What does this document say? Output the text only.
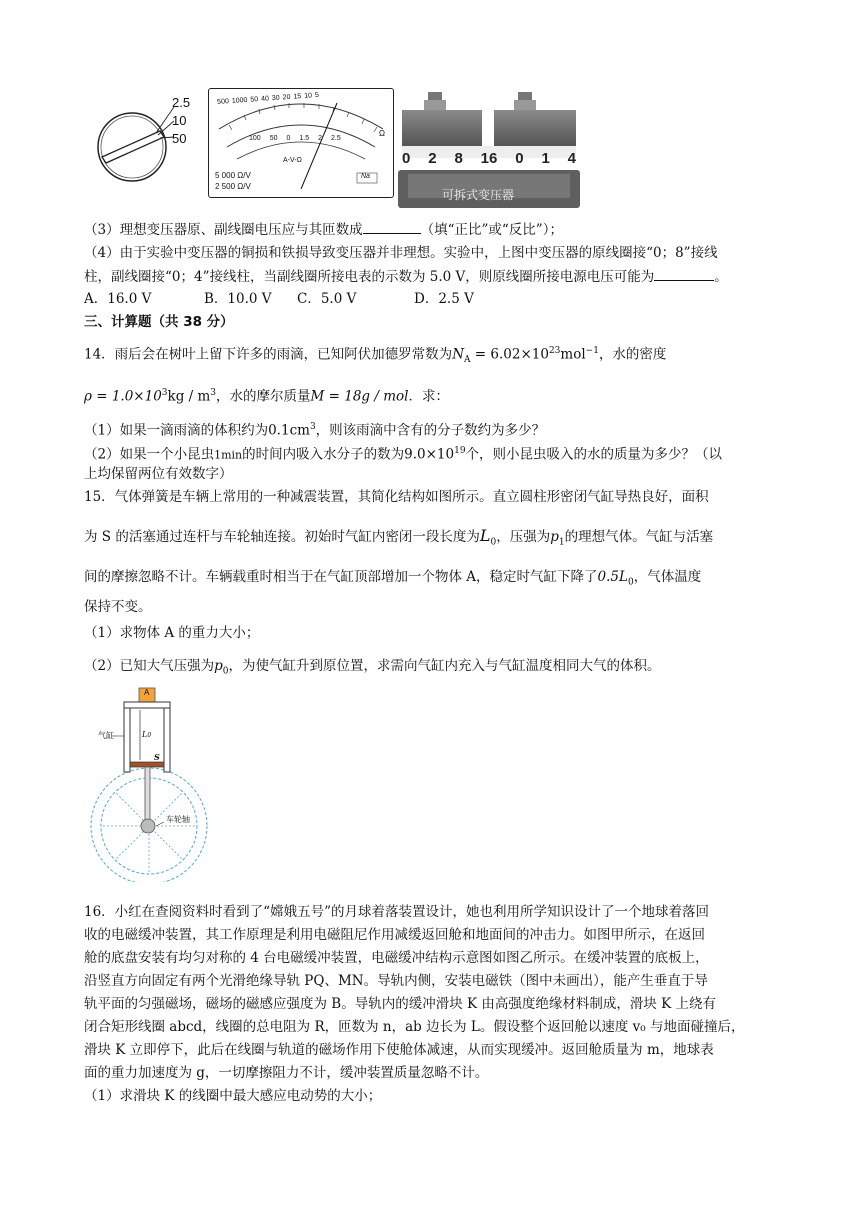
2.5
10
50
500 1000 50 40 30 20 15 10 5
Ω
100 50 0 1.5 2 2.5
A-V-Ω
5 000 Ω/V
2 500 Ω/V
Na
0 2 8 16 0 1 4
可拆式变压器
（3）理想变压器原、副线圈电压应与其匝数成	（填“正比”或“反比”）；
（4）由于实验中变压器的铜损和铁损导致变压器并非理想。实验中，上图中变压器的原线圈接“0；8”接线
柱，副线圈接“0；4”接线柱，当副线圈所接电表的示数为 5.0 V，则原线圈所接电源电压可能为	。
A．16.0 V	B．10.0 V C．5.0 V	D．2.5 V
三、计算题（共 38 分）
14．雨后会在树叶上留下许多的雨滴，已知阿伏加德罗常数为$N_A = 6.02\times 10^{23}mol^{-1}$，水的密度
$\rho = 1.0\times 10^3kg / m^3$，水的摩尔质量M = 18g / mol．求：
（1）如果一滴雨滴的体积约为$0.1cm^3$，则该雨滴中含有的分子数约为多少？
（2）如果一个小昆虫1min的时间内吸入水分子的数为$9.0\times 10^{19}$个，则小昆虫吸入的水的质量为多少？（以
上均保留两位有效数字）
15．气体弹簧是车辆上常用的一种减震装置，其简化结构如图所示。直立圆柱形密闭气缸导热良好，面积
为 S 的活塞通过连杆与车轮轴连接。初始时气缸内密闭一段长度为$L_0$，压强为$p_1$的理想气体。气缸与活塞
间的摩擦忽略不计。车辆载重时相当于在气缸顶部增加一个物体 A，稳定时气缸下降了$0.5L_0$，气体温度
保持不变。
（1）求物体 A 的重力大小；
（2）已知大气压强为$p_0$，为使气缸升到原位置，求需向气缸内充入与气缸温度相同大气的体积。
A
气缸	L0
S
车轮轴
16．小红在查阅资料时看到了“嫦娥五号”的月球着落装置设计，她也利用所学知识设计了一个地球着落回
收的电磁缓冲装置，其工作原理是利用电磁阻尼作用减缓返回舱和地面间的冲击力。如图甲所示，在返回
舱的底盘安装有均匀对称的 4 台电磁缓冲装置，电磁缓冲结构示意图如图乙所示。在缓冲装置的底板上，
沿竖直方向固定有两个光滑绝缘导轨 PQ、MN。导轨内侧，安装电磁铁（图中未画出），能产生垂直于导
轨平面的匀强磁场，磁场的磁感应强度为 B。导轨内的缓冲滑块 K 由高强度绝缘材料制成，滑块 K 上绕有
闭合矩形线圈 abcd，线圈的总电阻为 R，匝数为 n，ab 边长为 L。假设整个返回舱以速度 v₀ 与地面碰撞后，
滑块 K 立即停下，此后在线圈与轨道的磁场作用下使舱体减速，从而实现缓冲。返回舱质量为 m，地球表
面的重力加速度为 g，一切摩擦阻力不计，缓冲装置质量忽略不计。
（1）求滑块 K 的线圈中最大感应电动势的大小；
